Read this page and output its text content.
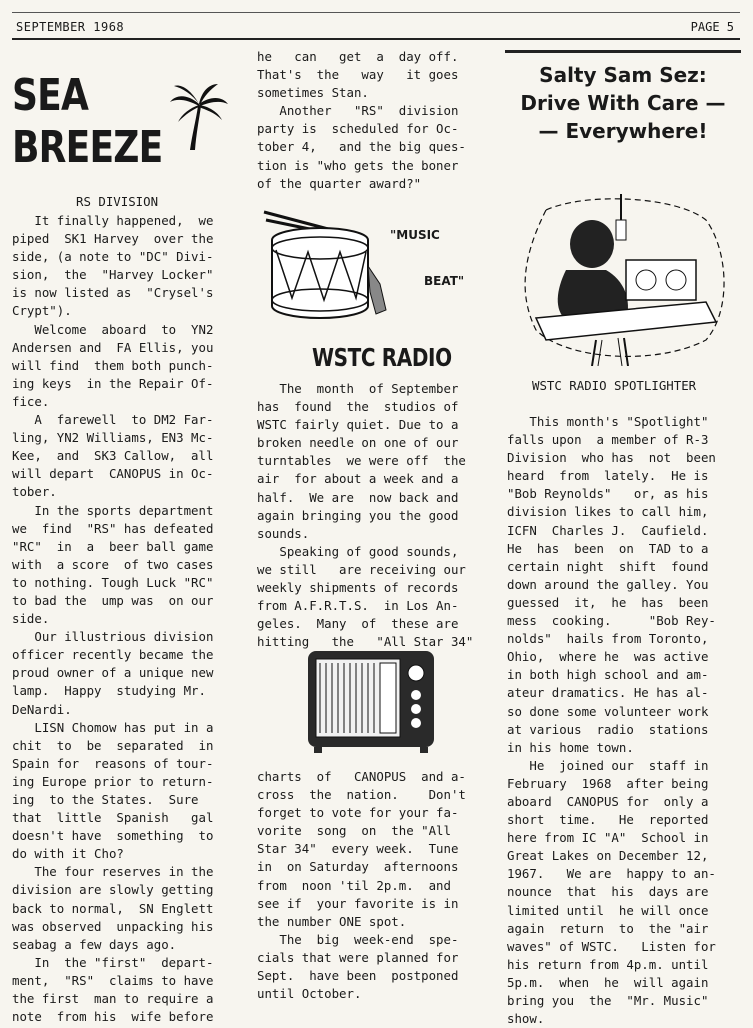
SEPTEMBER 1968	PAGE 5
SEA
BREEZE
RS DIVISION
It finally happened,  we
piped  SK1 Harvey  over the
side, (a note to "DC" Divi-
sion,  the  "Harvey Locker"
is now listed as  "Crysel's
Crypt").
Welcome  aboard  to  YN2
Andersen and  FA Ellis, you
will find  them both punch-
ing keys  in the Repair Of-
fice.
A  farewell  to DM2 Far-
ling, YN2 Williams, EN3 Mc-
Kee,  and  SK3 Callow,  all
will depart  CANOPUS in Oc-
tober.
In the sports department
we  find  "RS" has defeated
"RC"  in  a  beer ball game
with  a score  of two cases
to nothing. Tough Luck "RC"
to bad the  ump was  on our
side.
Our illustrious division
officer recently became the
proud owner of a unique new
lamp.  Happy  studying Mr.
DeNardi.
LISN Chomow has put in a
chit  to  be  separated  in
Spain for  reasons of tour-
ing Europe prior to return-
ing  to the States.  Sure
that  little  Spanish   gal
doesn't have  something  to
do with it Cho?
The four reserves in the
division are slowly getting
back to normal,  SN Englett
was observed  unpacking his
seabag a few days ago.
In  the "first"  depart-
ment,  "RS"  claims to have
the first  man to require a
note  from his  wife before
he   can   get  a  day off.
That's  the   way   it goes
sometimes Stan.
Another   "RS"  division
party is  scheduled for Oc-
tober 4,   and the big ques-
tion is "who gets the boner
of the quarter award?"
"MUSIC
BEAT"
WSTC RADIO
The  month  of September
has  found  the  studios of
WSTC fairly quiet. Due to a
broken needle on one of our
turntables  we were off  the
air  for about a week and a
half.  We are  now back and
again bringing you the good
sounds.
Speaking of good sounds,
we still   are receiving our
weekly shipments of records
from A.F.R.T.S.  in Los An-
geles.  Many  of  these are
hitting   the   "All Star 34"
charts  of   CANOPUS  and a-
cross  the  nation.    Don't
forget to vote for your fa-
vorite  song  on  the "All
Star 34"  every week.  Tune
in  on Saturday  afternoons
from  noon 'til 2p.m.  and
see if  your favorite is in
the number ONE spot.
The  big  week-end  spe-
cials that were planned for
Sept.  have been  postponed
until October.
Salty Sam Sez:
Drive With Care —
— Everywhere!
WSTC RADIO SPOTLIGHTER
This month's "Spotlight"
falls upon  a member of R-3
Division  who has  not  been
heard  from  lately.  He is
"Bob Reynolds"   or, as his
division likes to call him,
ICFN  Charles J.  Caufield.
He  has  been  on  TAD to a
certain night  shift  found
down around the galley. You
guessed  it,  he  has  been
mess  cooking.     "Bob Rey-
nolds"  hails from Toronto,
Ohio,  where he  was active
in both high school and am-
ateur dramatics. He has al-
so done some volunteer work
at various  radio  stations
in his home town.
He  joined our  staff in
February  1968  after being
aboard  CANOPUS for  only a
short  time.   He  reported
here from IC "A"  School in
Great Lakes on December 12,
1967.   We are  happy to an-
nounce  that  his  days are
limited until  he will once
again  return  to  the "air
waves" of WSTC.   Listen for
his return from 4p.m. until
5p.m.  when  he  will again
bring you  the  "Mr. Music"
show.
